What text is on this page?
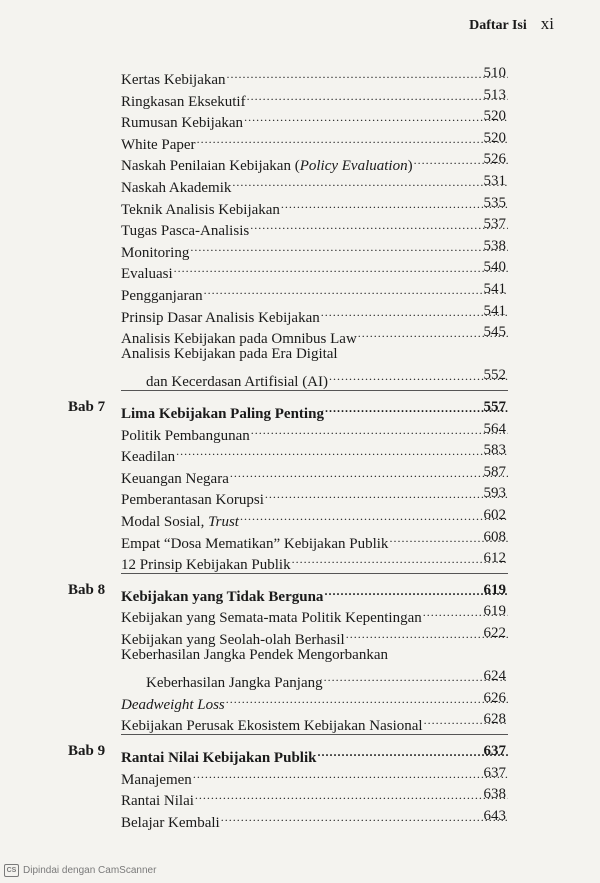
Daftar Isi xi
Kertas Kebijakan .....	510
Ringkasan Eksekutif .....	513
Rumusan Kebijakan .....	520
White Paper .....	520
Naskah Penilaian Kebijakan (Policy Evaluation) .....	526
Naskah Akademik .....	531
Teknik Analisis Kebijakan .....	535
Tugas Pasca-Analisis .....	537
Monitoring .....	538
Evaluasi .....	540
Pengganjaran .....	541
Prinsip Dasar Analisis Kebijakan .....	541
Analisis Kebijakan pada Omnibus Law .....	545
Analisis Kebijakan pada Era Digital
dan Kecerdasan Artifisial (AI) .....	552
Bab 7 Lima Kebijakan Paling Penting .....	557
Politik Pembangunan .....	564
Keadilan .....	583
Keuangan Negara .....	587
Pemberantasan Korupsi .....	593
Modal Sosial, Trust .....	602
Empat “Dosa Mematikan” Kebijakan Publik .....	608
12 Prinsip Kebijakan Publik .....	612
Bab 8 Kebijakan yang Tidak Berguna .....	619
Kebijakan yang Semata-mata Politik Kepentingan .....	619
Kebijakan yang Seolah-olah Berhasil .....	622
Keberhasilan Jangka Pendek Mengorbankan
Keberhasilan Jangka Panjang .....	624
Deadweight Loss .....	626
Kebijakan Perusak Ekosistem Kebijakan Nasional .....	628
Bab 9 Rantai Nilai Kebijakan Publik .....	637
Manajemen .....	637
Rantai Nilai .....	638
Belajar Kembali .....	643
CS Dipindai dengan CamScanner
